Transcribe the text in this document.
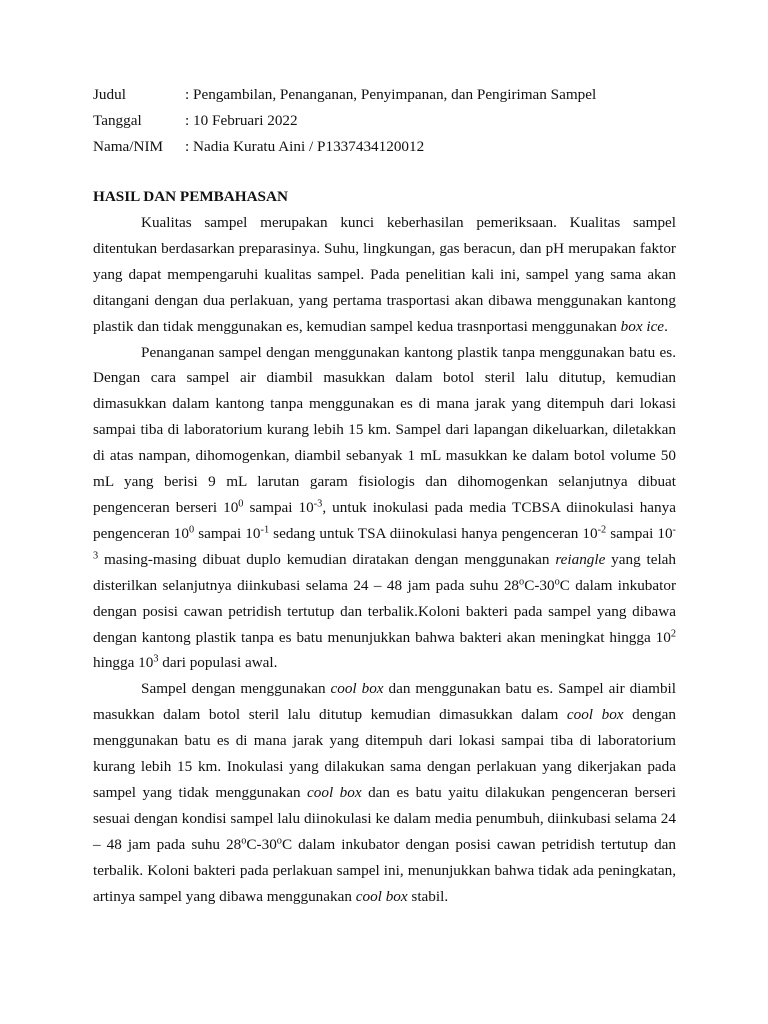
Judul	: Pengambilan, Penanganan, Penyimpanan, dan Pengiriman Sampel
Tanggal	: 10 Februari 2022
Nama/NIM	: Nadia Kuratu Aini / P1337434120012
HASIL DAN PEMBAHASAN

Kualitas sampel merupakan kunci keberhasilan pemeriksaan. Kualitas sampel ditentukan berdasarkan preparasinya. Suhu, lingkungan, gas beracun, dan pH merupakan faktor yang dapat mempengaruhi kualitas sampel. Pada penelitian kali ini, sampel yang sama akan ditangani dengan dua perlakuan, yang pertama trasportasi akan dibawa menggunakan kantong plastik dan tidak menggunakan es, kemudian sampel kedua trasnportasi menggunakan box ice.

Penanganan sampel dengan menggunakan kantong plastik tanpa menggunakan batu es. Dengan cara sampel air diambil masukkan dalam botol steril lalu ditutup, kemudian dimasukkan dalam kantong tanpa menggunakan es di mana jarak yang ditempuh dari lokasi sampai tiba di laboratorium kurang lebih 15 km. Sampel dari lapangan dikeluarkan, diletakkan di atas nampan, dihomogenkan, diambil sebanyak 1 mL masukkan ke dalam botol volume 50 mL yang berisi 9 mL larutan garam fisiologis dan dihomogenkan selanjutnya dibuat pengenceran berseri $10^0$ sampai $10^{-3}$, untuk inokulasi pada media TCBSA diinokulasi hanya pengenceran $10^0$ sampai $10^{-1}$ sedang untuk TSA diinokulasi hanya pengenceran $10^{-2}$ sampai $10^{-3}$ masing-masing dibuat duplo kemudian diratakan dengan menggunakan reiangle yang telah disterilkan selanjutnya diinkubasi selama 24 – 48 jam pada suhu 28$^o$C-30$^o$C dalam inkubator dengan posisi cawan petridish tertutup dan terbalik.Koloni bakteri pada sampel yang dibawa dengan kantong plastik tanpa es batu menunjukkan bahwa bakteri akan meningkat hingga $10^2$ hingga $10^3$ dari populasi awal.

Sampel dengan menggunakan cool box dan menggunakan batu es. Sampel air diambil masukkan dalam botol steril lalu ditutup kemudian dimasukkan dalam cool box dengan menggunakan batu es di mana jarak yang ditempuh dari lokasi sampai tiba di laboratorium kurang lebih 15 km. Inokulasi yang dilakukan sama dengan perlakuan yang dikerjakan pada sampel yang tidak menggunakan cool box dan es batu yaitu dilakukan pengenceran berseri sesuai dengan kondisi sampel lalu diinokulasi ke dalam media penumbuh, diinkubasi selama 24 – 48 jam pada suhu 28$^o$C-30$^o$C dalam inkubator dengan posisi cawan petridish tertutup dan terbalik. Koloni bakteri pada perlakuan sampel ini, menunjukkan bahwa tidak ada peningkatan, artinya sampel yang dibawa menggunakan cool box stabil.
